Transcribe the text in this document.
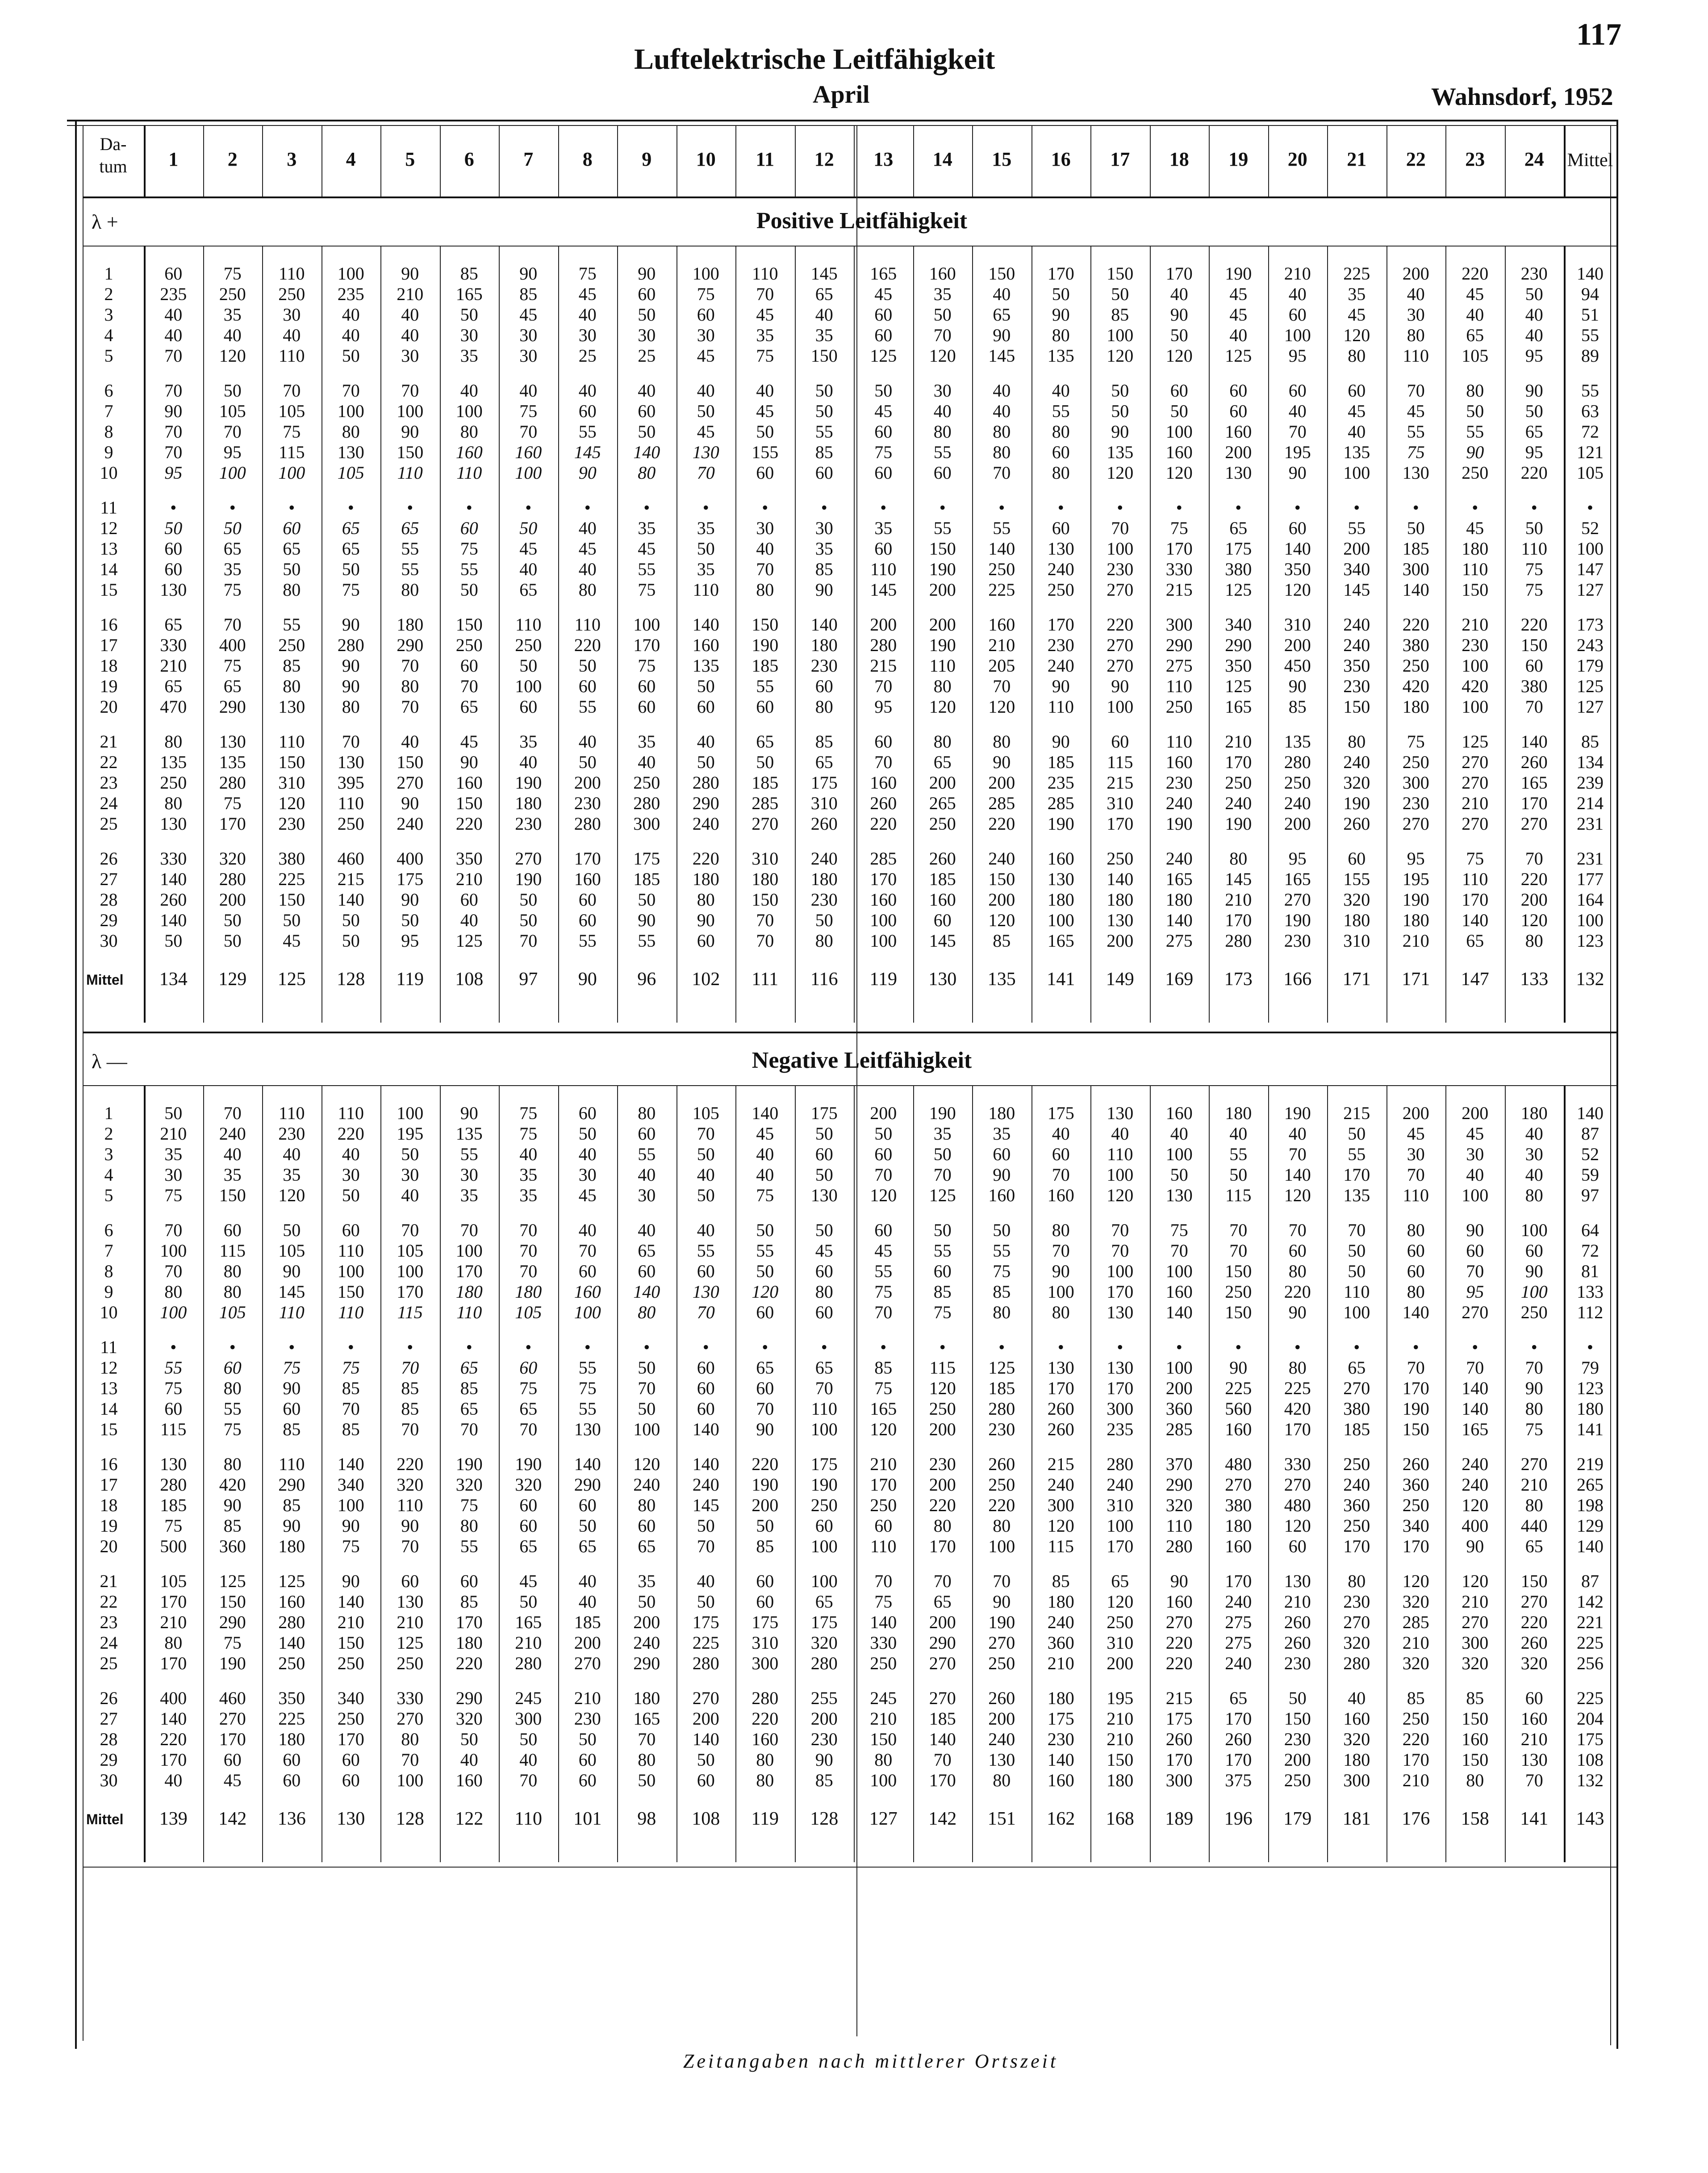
117
Luftelektrische Leitfähigkeit
April	Wahnsdorf, 1952
Da-
tum	1	2	3	4	5	6	7	8	9	10	11	12	13	14	15	16	17	18	19	20	21	22	23	24	Mittel
λ +	Positive Leitfähigkeit
1	60	75	110	100	90	85	90	75	90	100	110	145	165	160	150	170	150	170	190	210	225	200	220	230	140
2	235	250	250	235	210	165	85	45	60	75	70	65	45	35	40	50	50	40	45	40	35	40	45	50	94
3	40	35	30	40	40	50	45	40	50	60	45	40	60	50	65	90	85	90	45	60	45	30	40	40	51
4	40	40	40	40	40	30	30	30	30	30	35	35	60	70	90	80	100	50	40	100	120	80	65	40	55
5	70	120	110	50	30	35	30	25	25	45	75	150	125	120	145	135	120	120	125	95	80	110	105	95	89
6	70	50	70	70	70	40	40	40	40	40	40	50	50	30	40	40	50	60	60	60	60	70	80	90	55
7	90	105	105	100	100	100	75	60	60	50	45	50	45	40	40	55	50	50	60	40	45	45	50	50	63
8	70	70	75	80	90	80	70	55	50	45	50	55	60	80	80	80	90	100	160	70	40	55	55	65	72
9	70	95	115	130	150	160	160	145	140	130	155	85	75	55	80	60	135	160	200	195	135	75	90	95	121
10	95	100	100	105	110	110	100	90	80	70	60	60	60	60	70	80	120	120	130	90	100	130	250	220	105
11	•	•	•	•	•	•	•	•	•	•	•	•	•	•	•	•	•	•	•	•	•	•	•	•	•
12	50	50	60	65	65	60	50	40	35	35	30	30	35	55	55	60	70	75	65	60	55	50	45	50	52
13	60	65	65	65	55	75	45	45	45	50	40	35	60	150	140	130	100	170	175	140	200	185	180	110	100
14	60	35	50	50	55	55	40	40	55	35	70	85	110	190	250	240	230	330	380	350	340	300	110	75	147
15	130	75	80	75	80	50	65	80	75	110	80	90	145	200	225	250	270	215	125	120	145	140	150	75	127
16	65	70	55	90	180	150	110	110	100	140	150	140	200	200	160	170	220	300	340	310	240	220	210	220	173
17	330	400	250	280	290	250	250	220	170	160	190	180	280	190	210	230	270	290	290	200	240	380	230	150	243
18	210	75	85	90	70	60	50	50	75	135	185	230	215	110	205	240	270	275	350	450	350	250	100	60	179
19	65	65	80	90	80	70	100	60	60	50	55	60	70	80	70	90	90	110	125	90	230	420	420	380	125
20	470	290	130	80	70	65	60	55	60	60	60	80	95	120	120	110	100	250	165	85	150	180	100	70	127
21	80	130	110	70	40	45	35	40	35	40	65	85	60	80	80	90	60	110	210	135	80	75	125	140	85
22	135	135	150	130	150	90	40	50	40	50	50	65	70	65	90	185	115	160	170	280	240	250	270	260	134
23	250	280	310	395	270	160	190	200	250	280	185	175	160	200	200	235	215	230	250	250	320	300	270	165	239
24	80	75	120	110	90	150	180	230	280	290	285	310	260	265	285	285	310	240	240	240	190	230	210	170	214
25	130	170	230	250	240	220	230	280	300	240	270	260	220	250	220	190	170	190	190	200	260	270	270	270	231
26	330	320	380	460	400	350	270	170	175	220	310	240	285	260	240	160	250	240	80	95	60	95	75	70	231
27	140	280	225	215	175	210	190	160	185	180	180	180	170	185	150	130	140	165	145	165	155	195	110	220	177
28	260	200	150	140	90	60	50	60	50	80	150	230	160	160	200	180	180	180	210	270	320	190	170	200	164
29	140	50	50	50	50	40	50	60	90	90	70	50	100	60	120	100	130	140	170	190	180	180	140	120	100
30	50	50	45	50	95	125	70	55	55	60	70	80	100	145	85	165	200	275	280	230	310	210	65	80	123
Mittel	134	129	125	128	119	108	97	90	96	102	111	116	119	130	135	141	149	169	173	166	171	171	147	133	132
λ —	Negative Leitfähigkeit
1	50	70	110	110	100	90	75	60	80	105	140	175	200	190	180	175	130	160	180	190	215	200	200	180	140
2	210	240	230	220	195	135	75	50	60	70	45	50	50	35	35	40	40	40	40	40	50	45	45	40	87
3	35	40	40	40	50	55	40	40	55	50	40	60	60	50	60	60	110	100	55	70	55	30	30	30	52
4	30	35	35	30	30	30	35	30	40	40	40	50	70	70	90	70	100	50	50	140	170	70	40	40	59
5	75	150	120	50	40	35	35	45	30	50	75	130	120	125	160	160	120	130	115	120	135	110	100	80	97
6	70	60	50	60	70	70	70	40	40	40	50	50	60	50	50	80	70	75	70	70	70	80	90	100	64
7	100	115	105	110	105	100	70	70	65	55	55	45	45	55	55	70	70	70	70	60	50	60	60	60	72
8	70	80	90	100	100	170	70	60	60	60	50	60	55	60	75	90	100	100	150	80	50	60	70	90	81
9	80	80	145	150	170	180	180	160	140	130	120	80	75	85	85	100	170	160	250	220	110	80	95	100	133
10	100	105	110	110	115	110	105	100	80	70	60	60	70	75	80	80	130	140	150	90	100	140	270	250	112
11	•	•	•	•	•	•	•	•	•	•	•	•	•	•	•	•	•	•	•	•	•	•	•	•	•
12	55	60	75	75	70	65	60	55	50	60	65	65	85	115	125	130	130	100	90	80	65	70	70	70	79
13	75	80	90	85	85	85	75	75	70	60	60	70	75	120	185	170	170	200	225	225	270	170	140	90	123
14	60	55	60	70	85	65	65	55	50	60	70	110	165	250	280	260	300	360	560	420	380	190	140	80	180
15	115	75	85	85	70	70	70	130	100	140	90	100	120	200	230	260	235	285	160	170	185	150	165	75	141
16	130	80	110	140	220	190	190	140	120	140	220	175	210	230	260	215	280	370	480	330	250	260	240	270	219
17	280	420	290	340	320	320	320	290	240	240	190	190	170	200	250	240	240	290	270	270	240	360	240	210	265
18	185	90	85	100	110	75	60	60	80	145	200	250	250	220	220	300	310	320	380	480	360	250	120	80	198
19	75	85	90	90	90	80	60	50	60	50	50	60	60	80	80	120	100	110	180	120	250	340	400	440	129
20	500	360	180	75	70	55	65	65	65	70	85	100	110	170	100	115	170	280	160	60	170	170	90	65	140
21	105	125	125	90	60	60	45	40	35	40	60	100	70	70	70	85	65	90	170	130	80	120	120	150	87
22	170	150	160	140	130	85	50	40	50	50	60	65	75	65	90	180	120	160	240	210	230	320	210	270	142
23	210	290	280	210	210	170	165	185	200	175	175	175	140	200	190	240	250	270	275	260	270	285	270	220	221
24	80	75	140	150	125	180	210	200	240	225	310	320	330	290	270	360	310	220	275	260	320	210	300	260	225
25	170	190	250	250	250	220	280	270	290	280	300	280	250	270	250	210	200	220	240	230	280	320	320	320	256
26	400	460	350	340	330	290	245	210	180	270	280	255	245	270	260	180	195	215	65	50	40	85	85	60	225
27	140	270	225	250	270	320	300	230	165	200	220	200	210	185	200	175	210	175	170	150	160	250	150	160	204
28	220	170	180	170	80	50	50	50	70	140	160	230	150	140	240	230	210	260	260	230	320	220	160	210	175
29	170	60	60	60	70	40	40	60	80	50	80	90	80	70	130	140	150	170	170	200	180	170	150	130	108
30	40	45	60	60	100	160	70	60	50	60	80	85	100	170	80	160	180	300	375	250	300	210	80	70	132
Mittel	139	142	136	130	128	122	110	101	98	108	119	128	127	142	151	162	168	189	196	179	181	176	158	141	143
Zeitangaben nach mittlerer Ortszeit
